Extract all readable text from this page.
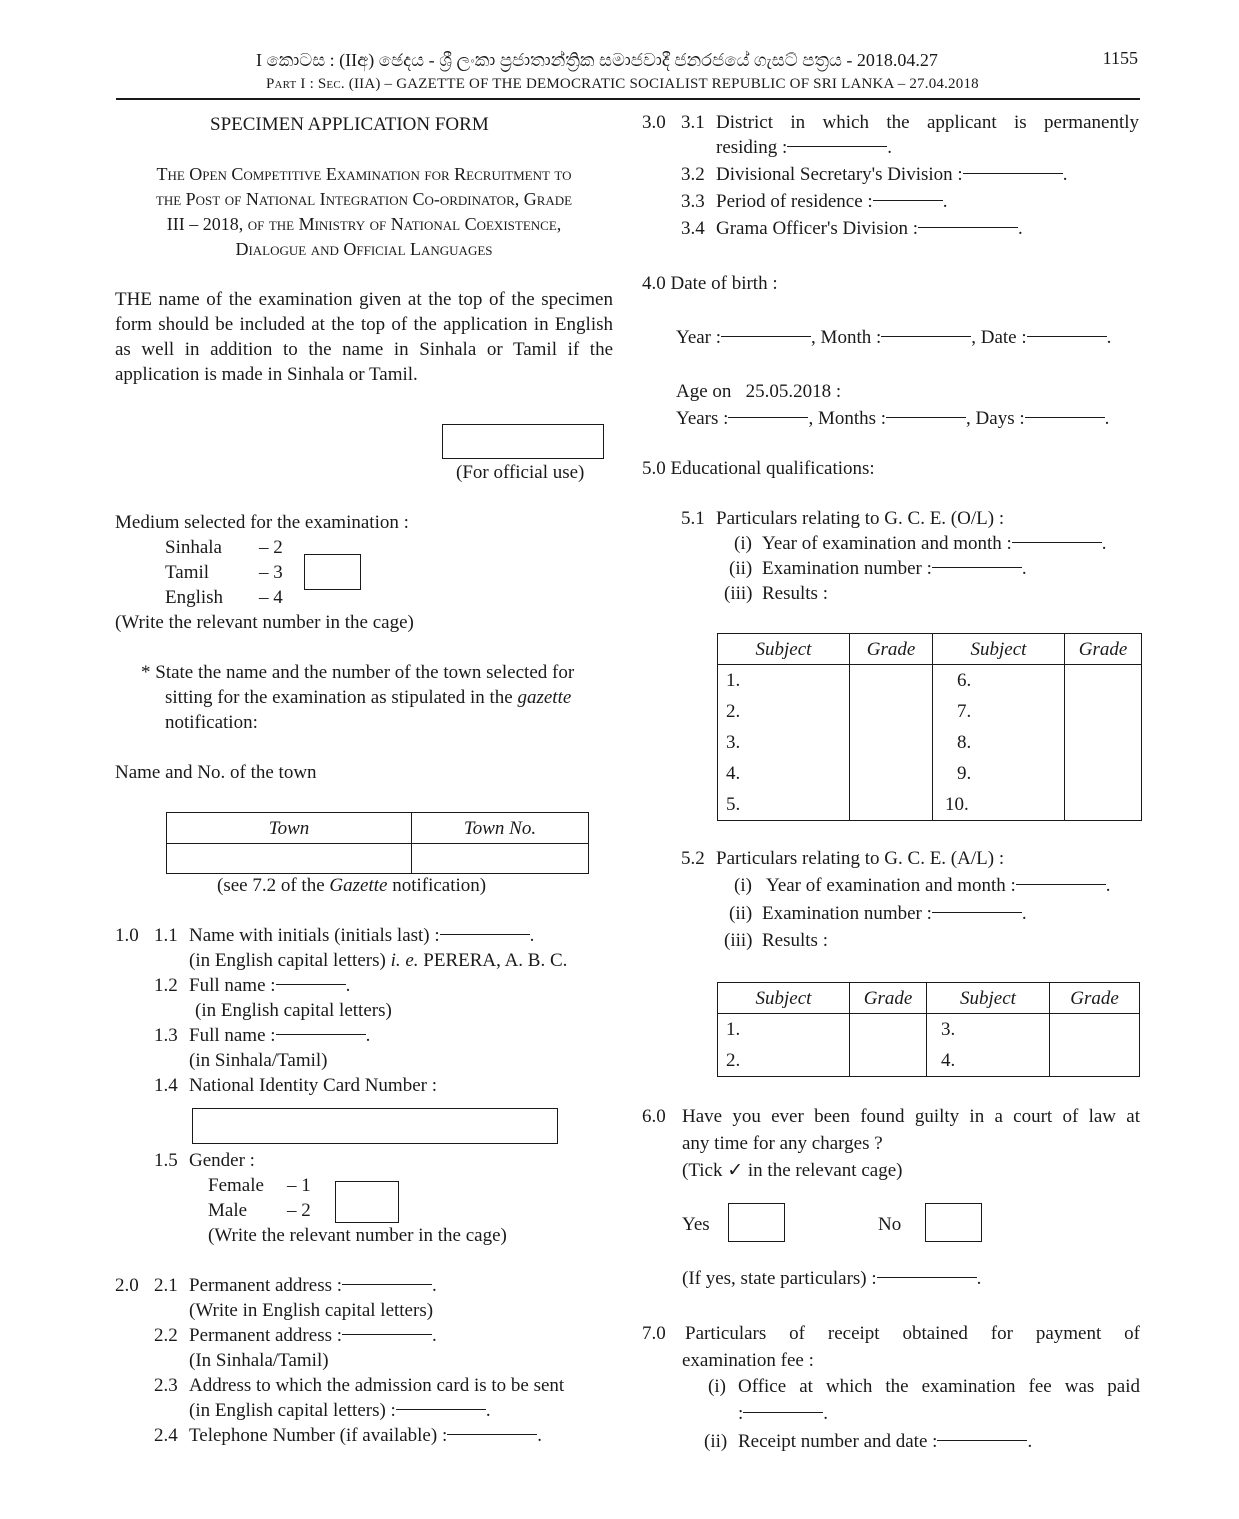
I කොටස : (IIඅ) ඡෙදය - ශ්‍රී ලංකා ප්‍රජාතාන්ත්‍රික සමාජවාදී ජනරජයේ ගැසට් පත්‍රය - 2018.04.27	1155
Part I : Sec. (IIA) – GAZETTE OF THE DEMOCRATIC SOCIALIST REPUBLIC OF SRI LANKA – 27.04.2018
SPECIMEN APPLICATION FORM
The Open Competitive Examination for Recruitment to
the Post of National Integration Co-ordinator, Grade
III – 2018, of the Ministry of National Coexistence,
Dialogue and Official Languages

THE name of the examination given at the top of the specimen form should be included at the top of the application in English as well in addition to the name in Sinhala or Tamil if the application is made in Sinhala or Tamil.

(For official use)
Medium selected for the examination :
Sinhala – 2
Tamil	– 3
English – 4
(Write the relevant number in the cage)
* State the name and the number of the town selected for
sitting for the examination as stipulated in the gazette
notification:
Name and No. of the town
Town	Town No.

(see 7.2 of the Gazette notification)
1.0 1.1 Name with initials (initials last) :	.
(in English capital letters) i. e. PERERA, A. B. C.
1.2 Full name :	.
(in English capital letters)
1.3 Full name :	.
(in Sinhala/Tamil)
1.4 National Identity Card Number :
1.5 Gender :
Female – 1
Male – 2
(Write the relevant number in the cage)
2.0 2.1 Permanent address :	.
(Write in English capital letters)
2.2 Permanent address :	.
(In Sinhala/Tamil)
2.3 Address to which the admission card is to be sent
(in English capital letters) :	.
2.4 Telephone Number (if available) :	.
3.0 3.1 District in which the applicant is permanently
residing :	.
3.2 Divisional Secretary's Division :	.
3.3 Period of residence :	.
3.4 Grama Officer's Division :	.
4.0 Date of birth :
Year :	, Month :	, Date :	.
Age on   25.05.2018 :
Years :	, Months :	, Days :	.
5.0 Educational qualifications:
5.1 Particulars relating to G. C. E. (O/L) :
(i) Year of examination and month :	.
(ii) Examination number :	.
(iii) Results :
Subject	Grade	Subject	Grade
1.		6.	
2.		7.	
3.		8.	
4.		9.	
5.		10.	
5.2 Particulars relating to G. C. E. (A/L) :
(i) Year of examination and month :	.
(ii) Examination number :	.
(iii) Results :
Subject	Grade	Subject	Grade
1.		3.	
2.		4.	
6.0 Have you ever been found guilty in a court of law at
any time for any charges ?
(Tick ✓ in the relevant cage)
Yes	No
(If yes, state particulars) :	.
7.0 Particulars of receipt obtained for payment of
examination fee :
(i) Office at which the examination fee was paid
:	.
(ii) Receipt number and date :	.
